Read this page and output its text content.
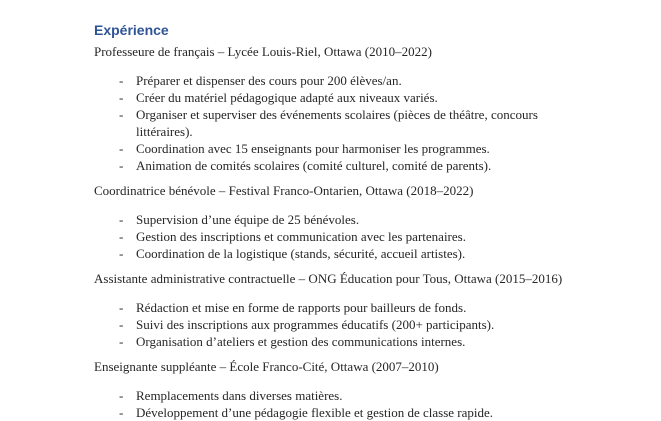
Expérience

Professeure de français – Lycée Louis-Riel, Ottawa (2010–2022)

- Préparer et dispenser des cours pour 200 élèves/an.
- Créer du matériel pédagogique adapté aux niveaux variés.
- Organiser et superviser des événements scolaires (pièces de théâtre, concours littéraires).
- Coordination avec 15 enseignants pour harmoniser les programmes.
- Animation de comités scolaires (comité culturel, comité de parents).

Coordinatrice bénévole – Festival Franco-Ontarien, Ottawa (2018–2022)

- Supervision d’une équipe de 25 bénévoles.
- Gestion des inscriptions et communication avec les partenaires.
- Coordination de la logistique (stands, sécurité, accueil artistes).

Assistante administrative contractuelle – ONG Éducation pour Tous, Ottawa (2015–2016)

- Rédaction et mise en forme de rapports pour bailleurs de fonds.
- Suivi des inscriptions aux programmes éducatifs (200+ participants).
- Organisation d’ateliers et gestion des communications internes.

Enseignante suppléante – École Franco-Cité, Ottawa (2007–2010)

- Remplacements dans diverses matières.
- Développement d’une pédagogie flexible et gestion de classe rapide.
